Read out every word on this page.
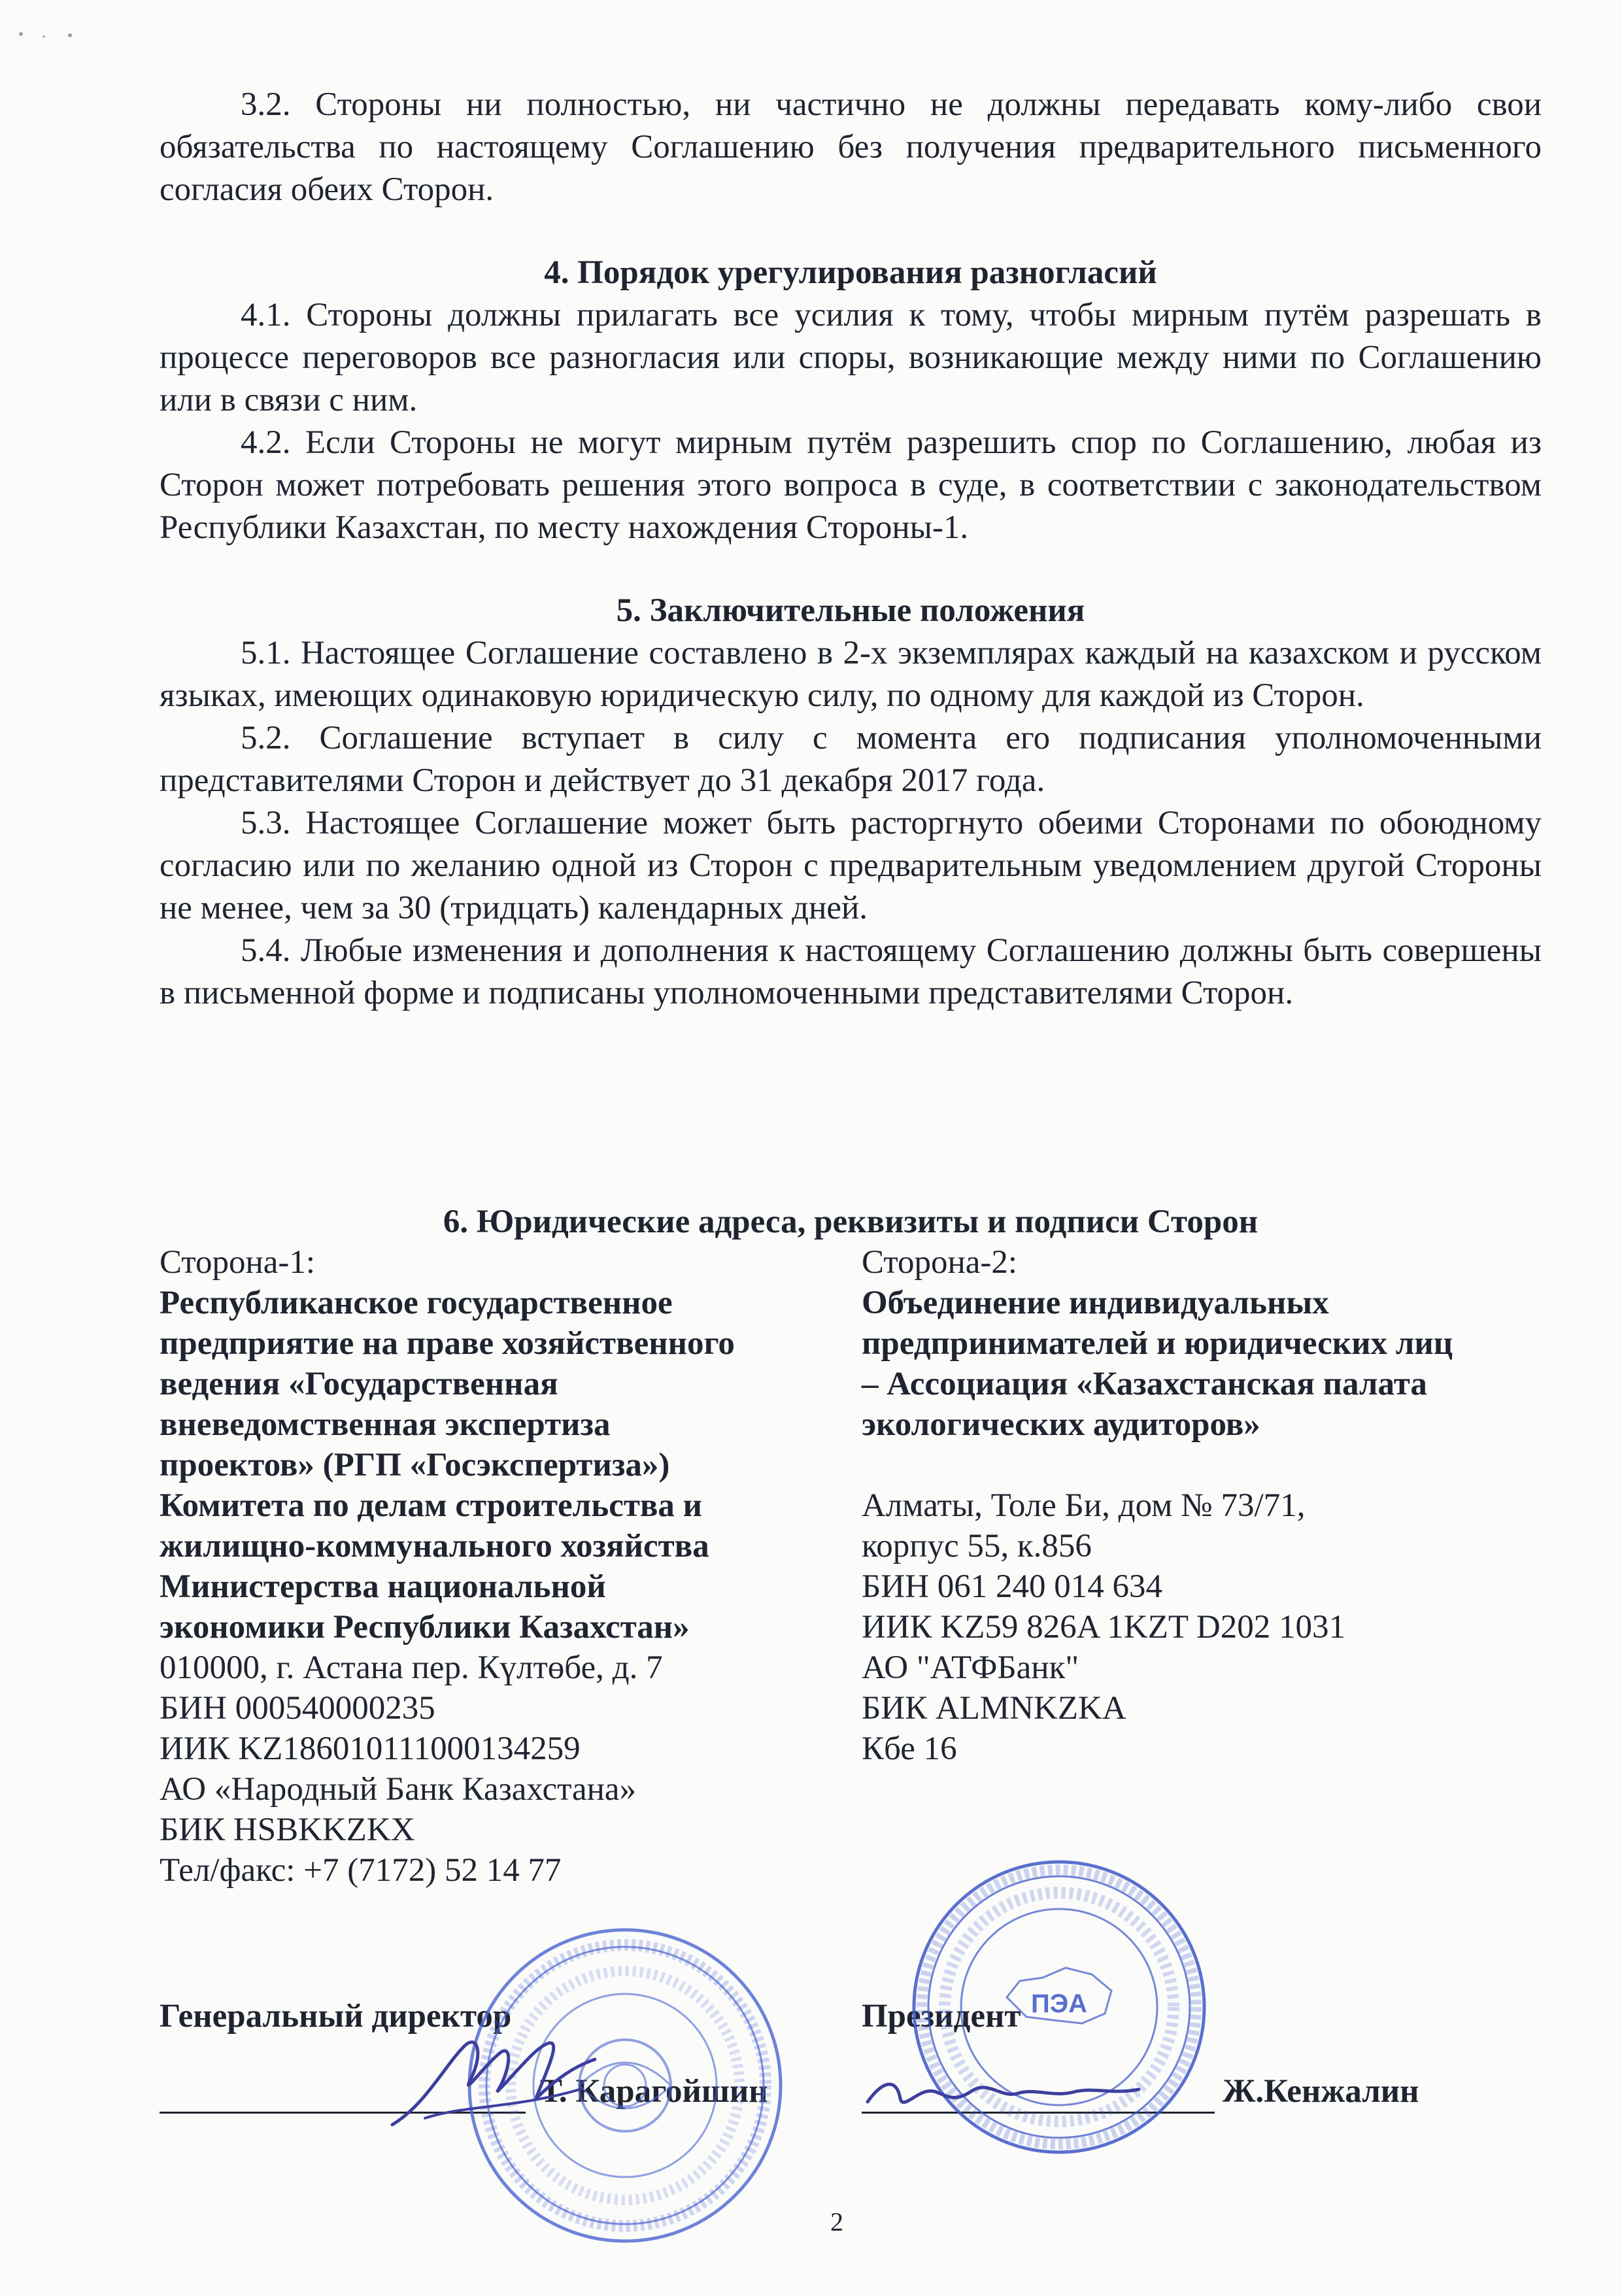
3.2. Стороны ни полностью, ни частично не должны передавать кому-либо свои обязательства по настоящему Соглашению без получения предварительного письменного согласия обеих Сторон.

4. Порядок урегулирования разногласий

4.1. Стороны должны прилагать все усилия к тому, чтобы мирным путём разрешать в процессе переговоров все разногласия или споры, возникающие между ними по Соглашению или в связи с ним.

4.2. Если Стороны не могут мирным путём разрешить спор по Соглашению, любая из Сторон может потребовать решения этого вопроса в суде, в соответствии с законодательством Республики Казахстан, по месту нахождения Стороны-1.

5. Заключительные положения

5.1. Настоящее Соглашение составлено в 2-х экземплярах каждый на казахском и русском языках, имеющих одинаковую юридическую силу, по одному для каждой из Сторон.

5.2. Соглашение вступает в силу с момента его подписания уполномоченными представителями Сторон и действует до 31 декабря 2017 года.

5.3. Настоящее Соглашение может быть расторгнуто обеими Сторонами по обоюдному согласию или по желанию одной из Сторон с предварительным уведомлением другой Стороны не менее, чем за 30 (тридцать) календарных дней.

5.4. Любые изменения и дополнения к настоящему Соглашению должны быть совершены в письменной форме и подписаны уполномоченными представителями Сторон.

6. Юридические адреса, реквизиты и подписи Сторон

Сторона-1:
Республиканское государственное
предприятие на праве хозяйственного
ведения «Государственная
вневедомственная экспертиза
проектов» (РГП «Госэкспертиза»)
Комитета по делам строительства и
жилищно-коммунального хозяйства
Министерства национальной
экономики Республики Казахстан»
010000, г. Астана пер. Күлтөбе, д. 7
БИН 000540000235
ИИК KZ186010111000134259
АО «Народный Банк Казахстана»
БИК HSBKKZKX
Тел/факс: +7 (7172) 52 14 77
Сторона-2:
Объединение индивидуальных
предпринимателей и юридических лиц
– Ассоциация «Казахстанская палата
экологических аудиторов»
Алматы, Толе Би, дом № 73/71,
корпус 55, к.856
БИН 061 240 014 634
ИИК KZ59 826A 1KZT D202 1031
АО "АТФБанк"
БИК ALMNKZKA
Кбе 16
Генеральный директор	Президент
Т. Карагойшин	Ж.Кенжалин
ПЭА
2
